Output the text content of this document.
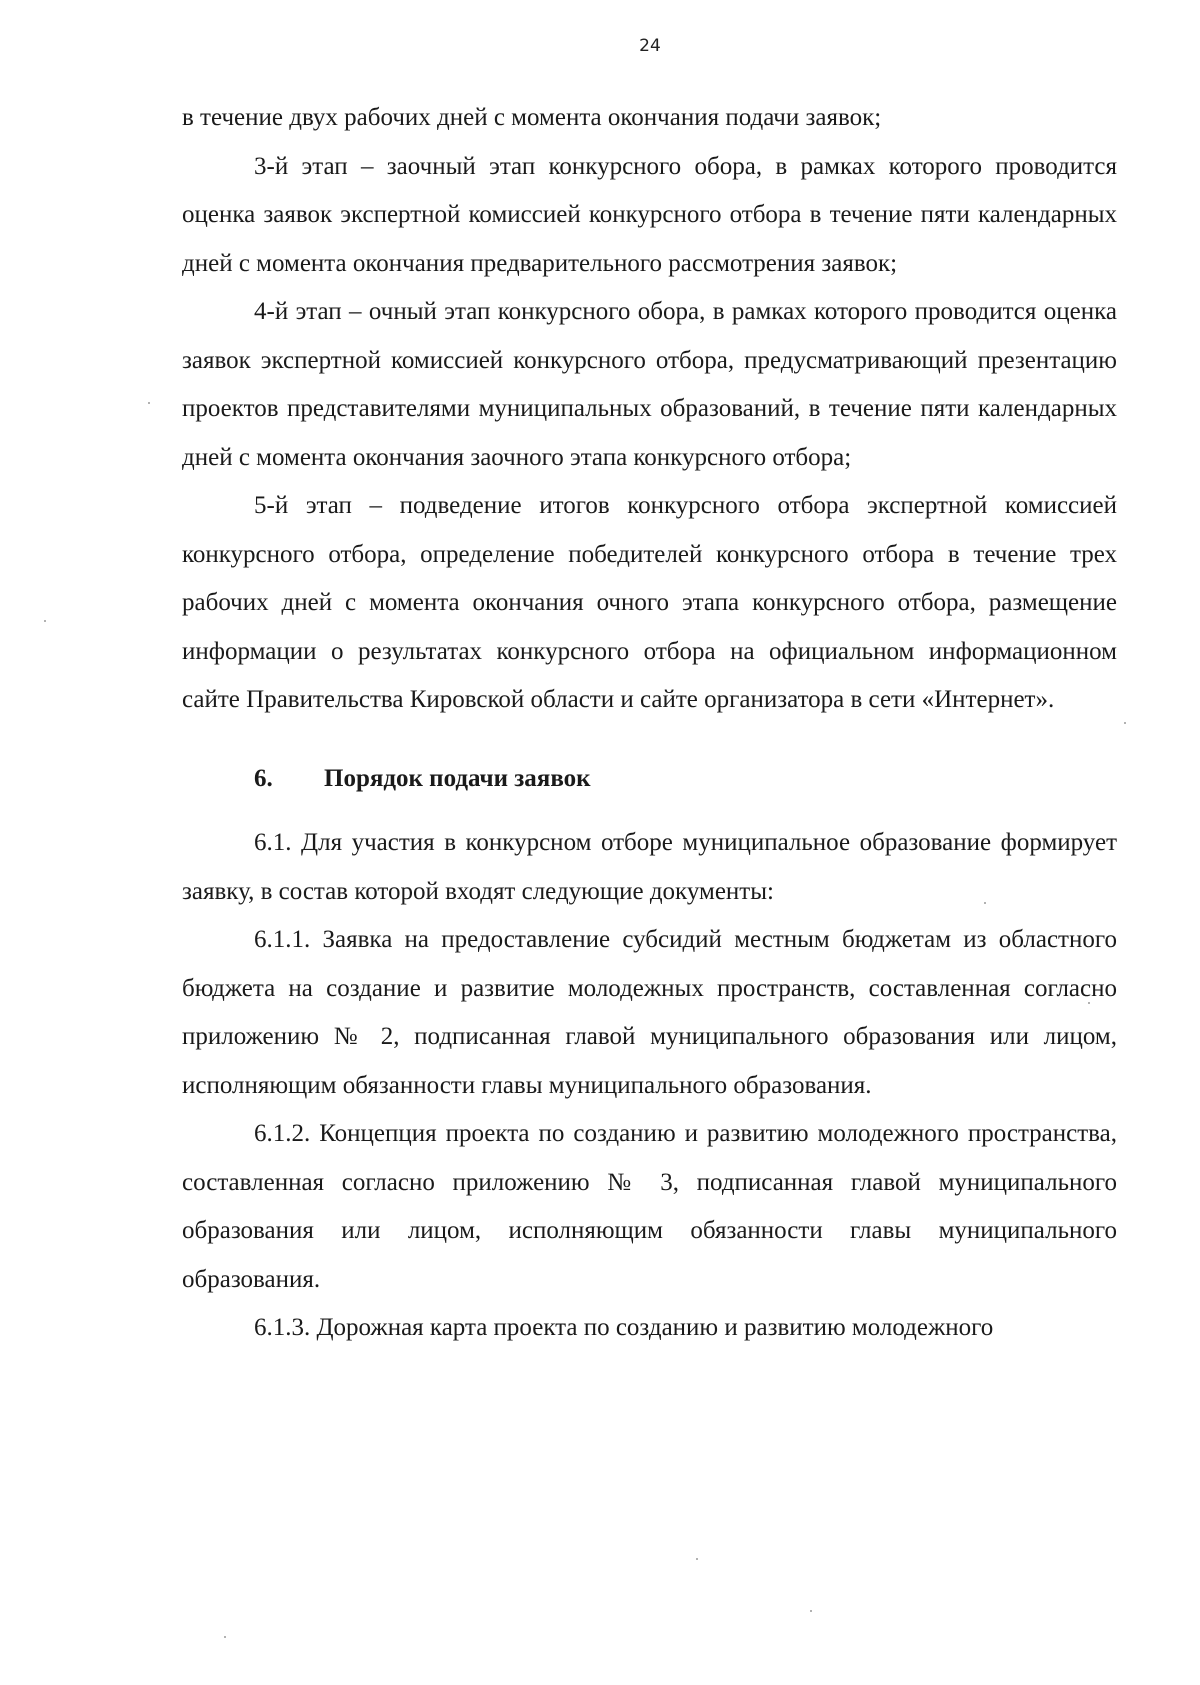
24

в течение двух рабочих дней с момента окончания подачи заявок;

3-й этап – заочный этап конкурсного обора, в рамках которого проводится оценка заявок экспертной комиссией конкурсного отбора в течение пяти календарных дней с момента окончания предварительного рассмотрения заявок;

4-й этап – очный этап конкурсного обора, в рамках которого проводится оценка заявок экспертной комиссией конкурсного отбора, предусматривающий презентацию проектов представителями муниципальных образований, в течение пяти календарных дней с момента окончания заочного этапа конкурсного отбора;

5-й этап – подведение итогов конкурсного отбора экспертной комиссией конкурсного отбора, определение победителей конкурсного отбора в течение трех рабочих дней с момента окончания очного этапа конкурсного отбора, размещение информации о результатах конкурсного отбора на официальном информационном сайте Правительства Кировской области и сайте организатора в сети «Интернет».

6.	Порядок подачи заявок

6.1. Для участия в конкурсном отборе муниципальное образование формирует заявку, в состав которой входят следующие документы:

6.1.1. Заявка на предоставление субсидий местным бюджетам из областного бюджета на создание и развитие молодежных пространств, составленная согласно приложению № 2, подписанная главой муниципального образования или лицом, исполняющим обязанности главы муниципального образования.

6.1.2. Концепция проекта по созданию и развитию молодежного пространства, составленная согласно приложению № 3, подписанная главой муниципального образования или лицом, исполняющим обязанности главы муниципального образования.

6.1.3. Дорожная карта проекта по созданию и развитию молодежного
